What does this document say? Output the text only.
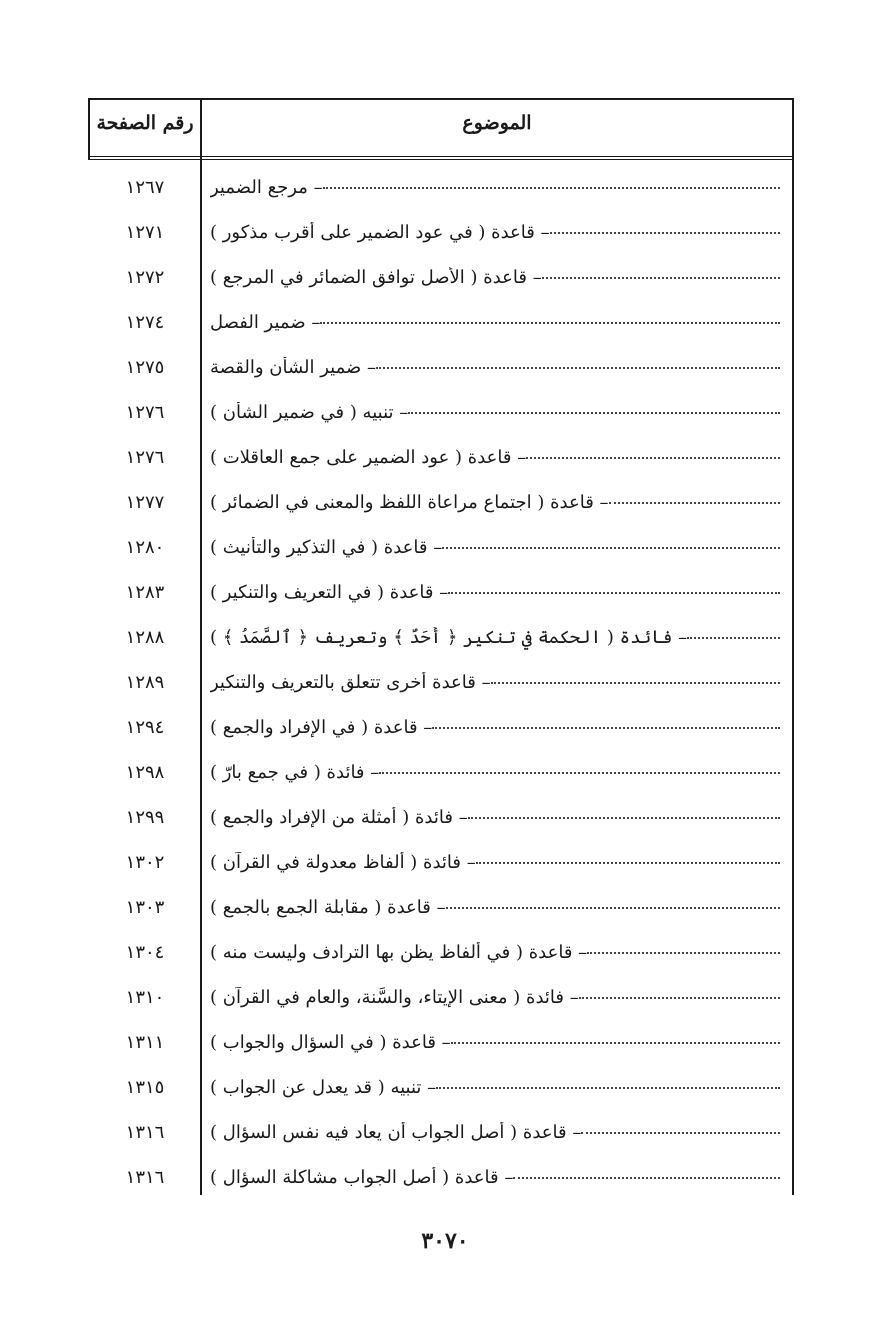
رقم الصفحة	الموضوع
١٢٦٧	– مرجع الضمير
١٢٧١	– قاعدة ( في عود الضمير على أقرب مذكور )
١٢٧٢	– قاعدة ( الأصل توافق الضمائر في المرجع )
١٢٧٤	– ضمير الفصل
١٢٧٥	– ضمير الشأن والقصة
١٢٧٦	– تنبيه ( في ضمير الشأن )
١٢٧٦	– قاعدة ( عود الضمير على جمع العاقلات )
١٢٧٧	– قاعدة ( اجتماع مراعاة اللفظ والمعنى في الضمائر )
١٢٨٠	– قاعدة ( في التذكير والتأنيث )
١٢٨٣	– قاعدة ( في التعريف والتنكير )
١٢٨٨	– فائدة ( الحكمة في تنكير ﴿ أَحَدٌ ﴾ وتعريف ﴿ ٱلصَّمَدُ ﴾ )
١٢٨٩	– قاعدة أخرى تتعلق بالتعريف والتنكير
١٢٩٤	– قاعدة ( في الإفراد والجمع )
١٢٩٨	– فائدة ( في جمع بارّ )
١٢٩٩	– فائدة ( أمثلة من الإفراد والجمع )
١٣٠٢	– فائدة ( ألفاظ معدولة في القرآن )
١٣٠٣	– قاعدة ( مقابلة الجمع بالجمع )
١٣٠٤	– قاعدة ( في ألفاظ يظن بها الترادف وليست منه )
١٣١٠	– فائدة ( معنى الإيتاء، والسَّنة، والعام في القرآن )
١٣١١	– قاعدة ( في السؤال والجواب )
١٣١٥	– تنبيه ( قد يعدل عن الجواب )
١٣١٦	– قاعدة ( أصل الجواب أن يعاد فيه نفس السؤال )
١٣١٦	– قاعدة ( أصل الجواب مشاكلة السؤال )
٣٠٧٠
